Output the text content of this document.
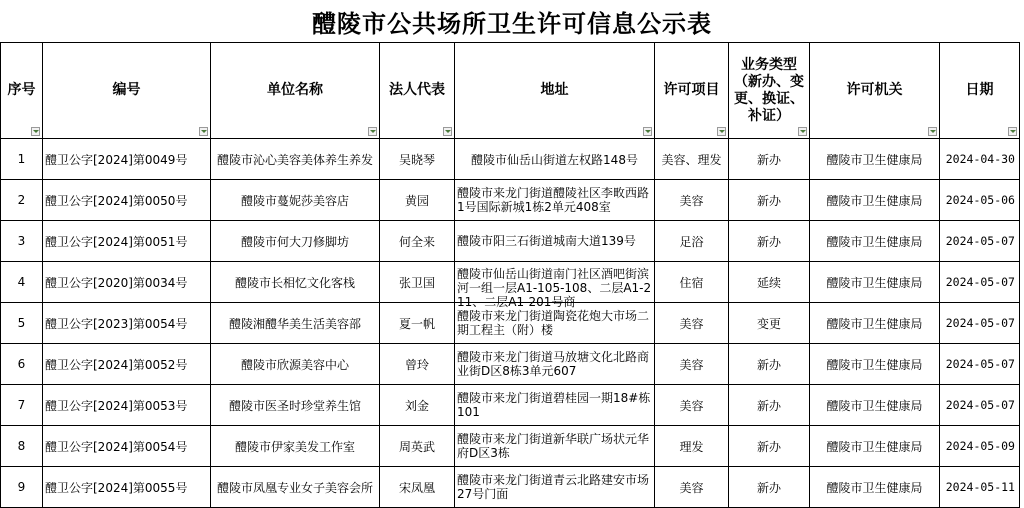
醴陵市公共场所卫生许可信息公示表
序号	编号	单位名称	法人代表	地址	许可项目	业务类型（新办、变更、换证、补证）	许可机关	日期

1	醴卫公字[2024]第0049号	醴陵市沁心美容美体养生养发	吴晓琴	醴陵市仙岳山街道左权路148号	美容、理发	新办	醴陵市卫生健康局	2024-04-30

2	醴卫公字[2024]第0050号	醴陵市蔓妮莎美容店	黄园	醴陵市来龙门街道醴陵社区李畋西路1号国际新城1栋2单元408室	美容	新办	醴陵市卫生健康局	2024-05-06

3	醴卫公字[2024]第0051号	醴陵市何大刀修脚坊	何全来	醴陵市阳三石街道城南大道139号	足浴	新办	醴陵市卫生健康局	2024-05-07

4	醴卫公字[2020]第0034号	醴陵市长相忆文化客栈	张卫国	醴陵市仙岳山街道南门社区酒吧街滨河一组一层A1-105-108、二层A1-211、二层A1-201号商	住宿	延续	醴陵市卫生健康局	2024-05-07

5	醴卫公字[2023]第0054号	醴陵湘醴华美生活美容部	夏一帆	醴陵市来龙门街道陶瓷花炮大市场二期工程主（附）楼	美容	变更	醴陵市卫生健康局	2024-05-07

6	醴卫公字[2024]第0052号	醴陵市欣源美容中心	曾玲	醴陵市来龙门街道马放塘文化北路商业街D区8栋3单元607	美容	新办	醴陵市卫生健康局	2024-05-07

7	醴卫公字[2024]第0053号	醴陵市医圣时珍堂养生馆	刘金	醴陵市来龙门街道碧桂园一期18#栋101	美容	新办	醴陵市卫生健康局	2024-05-07

8	醴卫公字[2024]第0054号	醴陵市伊家美发工作室	周英武	醴陵市来龙门街道新华联广场状元华府D区3栋	理发	新办	醴陵市卫生健康局	2024-05-09

9	醴卫公字[2024]第0055号	醴陵市凤凰专业女子美容会所	宋凤凰	醴陵市来龙门街道青云北路建安市场27号门面	美容	新办	醴陵市卫生健康局	2024-05-11
